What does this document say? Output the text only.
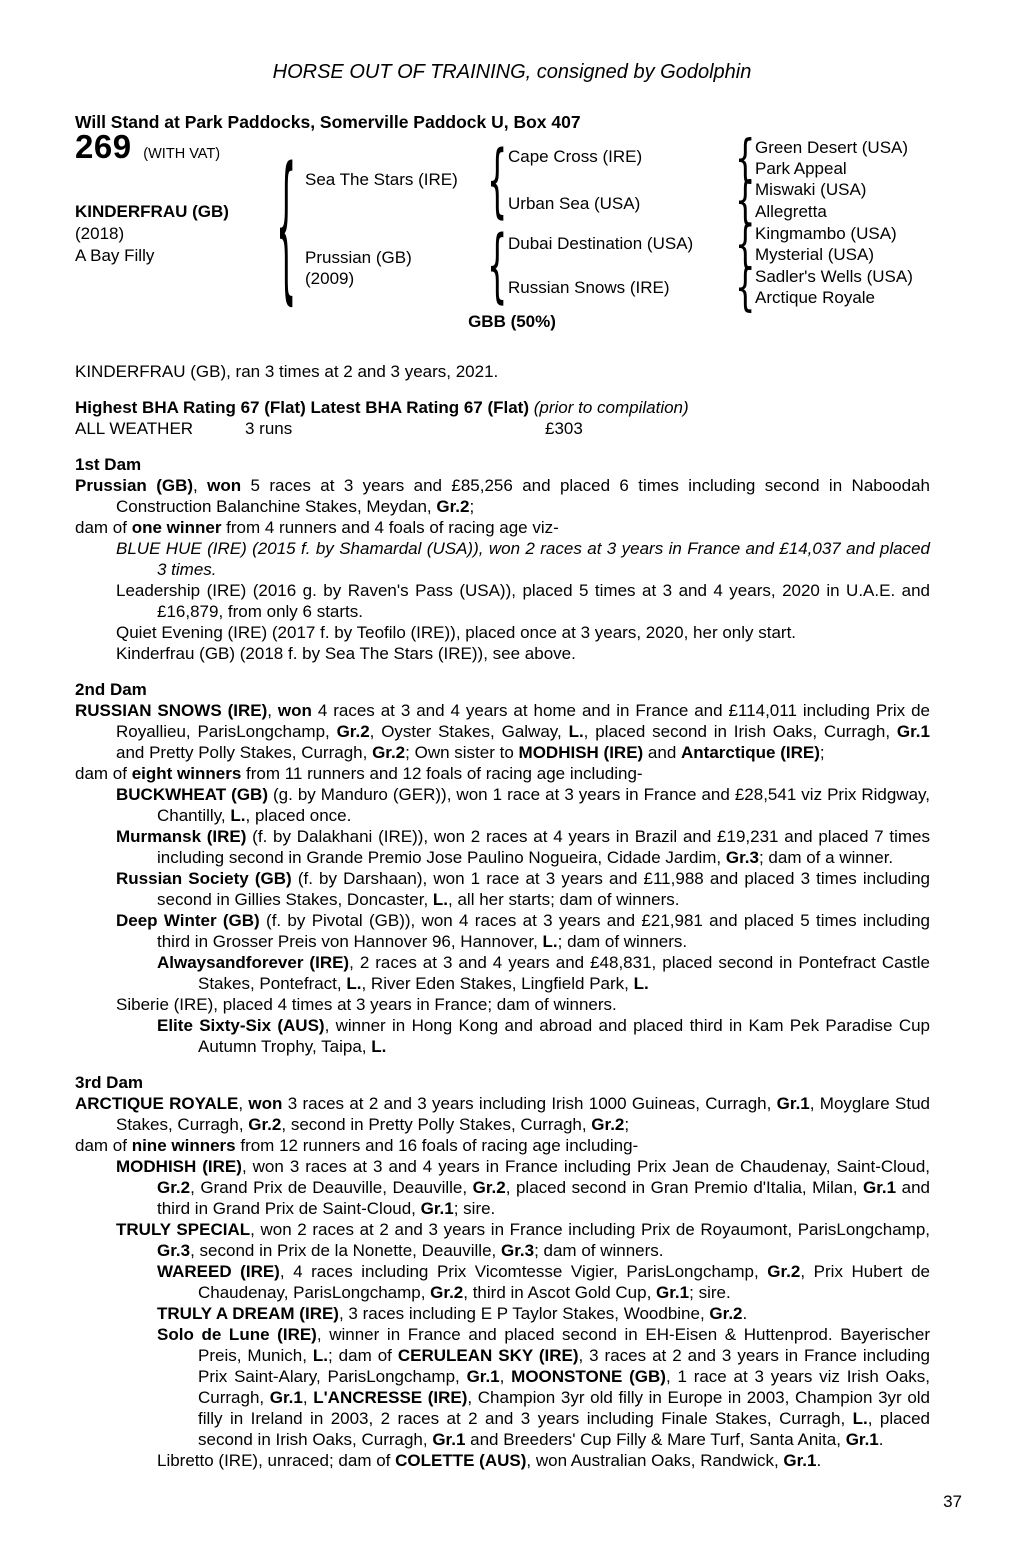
HORSE OUT OF TRAINING, consigned by Godolphin
Will Stand at Park Paddocks, Somerville Paddock U, Box 407
269 (WITH VAT)
KINDERFRAU (GB)
(2018)
A Bay Filly
{
{
{
{
{
{
{
Sea The Stars (IRE)
Prussian (GB)
(2009)
Cape Cross (IRE)
Urban Sea (USA)
Dubai Destination (USA)
Russian Snows (IRE)
Green Desert (USA)
Park Appeal
Miswaki (USA)
Allegretta
Kingmambo (USA)
Mysterial (USA)
Sadler's Wells (USA)
Arctique Royale
GBB (50%)

KINDERFRAU (GB), ran 3 times at 2 and 3 years, 2021.

Highest BHA Rating 67 (Flat) Latest BHA Rating 67 (Flat) (prior to compilation)

ALL WEATHER	3 runs	£303
1st Dam

Prussian (GB), won 5 races at 3 years and £85,256 and placed 6 times including second in Naboodah Construction Balanchine Stakes, Meydan, Gr.2;

dam of one winner from 4 runners and 4 foals of racing age viz-

BLUE HUE (IRE) (2015 f. by Shamardal (USA)), won 2 races at 3 years in France and £14,037 and placed 3 times.

Leadership (IRE) (2016 g. by Raven's Pass (USA)), placed 5 times at 3 and 4 years, 2020 in U.A.E. and £16,879, from only 6 starts.

Quiet Evening (IRE) (2017 f. by Teofilo (IRE)), placed once at 3 years, 2020, her only start.

Kinderfrau (GB) (2018 f. by Sea The Stars (IRE)), see above.

2nd Dam

RUSSIAN SNOWS (IRE), won 4 races at 3 and 4 years at home and in France and £114,011 including Prix de Royallieu, ParisLongchamp, Gr.2, Oyster Stakes, Galway, L., placed second in Irish Oaks, Curragh, Gr.1 and Pretty Polly Stakes, Curragh, Gr.2; Own sister to MODHISH (IRE) and Antarctique (IRE);

dam of eight winners from 11 runners and 12 foals of racing age including-

BUCKWHEAT (GB) (g. by Manduro (GER)), won 1 race at 3 years in France and £28,541 viz Prix Ridgway, Chantilly, L., placed once.

Murmansk (IRE) (f. by Dalakhani (IRE)), won 2 races at 4 years in Brazil and £19,231 and placed 7 times including second in Grande Premio Jose Paulino Nogueira, Cidade Jardim, Gr.3; dam of a winner.

Russian Society (GB) (f. by Darshaan), won 1 race at 3 years and £11,988 and placed 3 times including second in Gillies Stakes, Doncaster, L., all her starts; dam of winners.

Deep Winter (GB) (f. by Pivotal (GB)), won 4 races at 3 years and £21,981 and placed 5 times including third in Grosser Preis von Hannover 96, Hannover, L.; dam of winners.

Alwaysandforever (IRE), 2 races at 3 and 4 years and £48,831, placed second in Pontefract Castle Stakes, Pontefract, L., River Eden Stakes, Lingfield Park, L.

Siberie (IRE), placed 4 times at 3 years in France; dam of winners.

Elite Sixty-Six (AUS), winner in Hong Kong and abroad and placed third in Kam Pek Paradise Cup Autumn Trophy, Taipa, L.

3rd Dam

ARCTIQUE ROYALE, won 3 races at 2 and 3 years including Irish 1000 Guineas, Curragh, Gr.1, Moyglare Stud Stakes, Curragh, Gr.2, second in Pretty Polly Stakes, Curragh, Gr.2;

dam of nine winners from 12 runners and 16 foals of racing age including-

MODHISH (IRE), won 3 races at 3 and 4 years in France including Prix Jean de Chaudenay, Saint-Cloud, Gr.2, Grand Prix de Deauville, Deauville, Gr.2, placed second in Gran Premio d'Italia, Milan, Gr.1 and third in Grand Prix de Saint-Cloud, Gr.1; sire.

TRULY SPECIAL, won 2 races at 2 and 3 years in France including Prix de Royaumont, ParisLongchamp, Gr.3, second in Prix de la Nonette, Deauville, Gr.3; dam of winners.

WAREED (IRE), 4 races including Prix Vicomtesse Vigier, ParisLongchamp, Gr.2, Prix Hubert de Chaudenay, ParisLongchamp, Gr.2, third in Ascot Gold Cup, Gr.1; sire.

TRULY A DREAM (IRE), 3 races including E P Taylor Stakes, Woodbine, Gr.2.

Solo de Lune (IRE), winner in France and placed second in EH-Eisen & Huttenprod. Bayerischer Preis, Munich, L.; dam of CERULEAN SKY (IRE), 3 races at 2 and 3 years in France including Prix Saint-Alary, ParisLongchamp, Gr.1, MOONSTONE (GB), 1 race at 3 years viz Irish Oaks, Curragh, Gr.1, L'ANCRESSE (IRE), Champion 3yr old filly in Europe in 2003, Champion 3yr old filly in Ireland in 2003, 2 races at 2 and 3 years including Finale Stakes, Curragh, L., placed second in Irish Oaks, Curragh, Gr.1 and Breeders' Cup Filly & Mare Turf, Santa Anita, Gr.1.

Libretto (IRE), unraced; dam of COLETTE (AUS), won Australian Oaks, Randwick, Gr.1.

37
